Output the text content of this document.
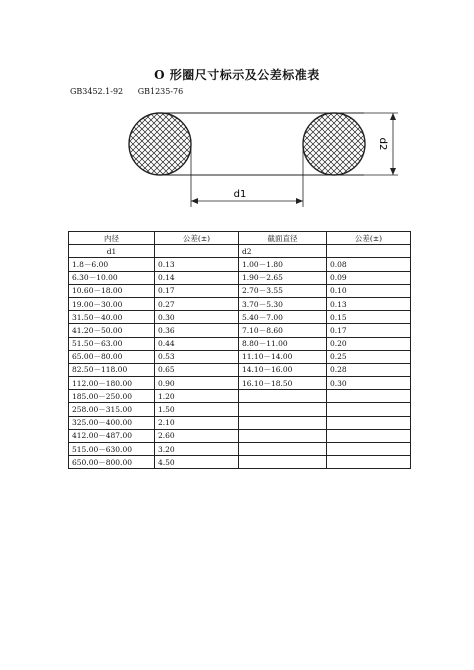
O 形圈尺寸标示及公差标准表
GB3452.1-92 GB1235-76
d2
d1
内径	公差(±)	截面直径	公差(±)
d1		d2	
1.8－6.00	0.13	1.00－1.80	0.08
6.30－10.00	0.14	1.90－2.65	0.09
10.60－18.00	0.17	2.70－3.55	0.10
19.00－30.00	0.27	3.70－5.30	0.13
31.50－40.00	0.30	5.40－7.00	0.15
41.20－50.00	0.36	7.10－8.60	0.17
51.50－63.00	0.44	8.80－11.00	0.20
65.00－80.00	0.53	11.10－14.00	0.25
82.50－118.00	0.65	14.10－16.00	0.28
112.00－180.00	0.90	16.10－18.50	0.30
185.00－250.00	1.20		
258.00－315.00	1.50		
325.00－400.00	2.10		
412.00－487.00	2.60		
515.00－630.00	3.20		
650.00－800.00	4.50		
